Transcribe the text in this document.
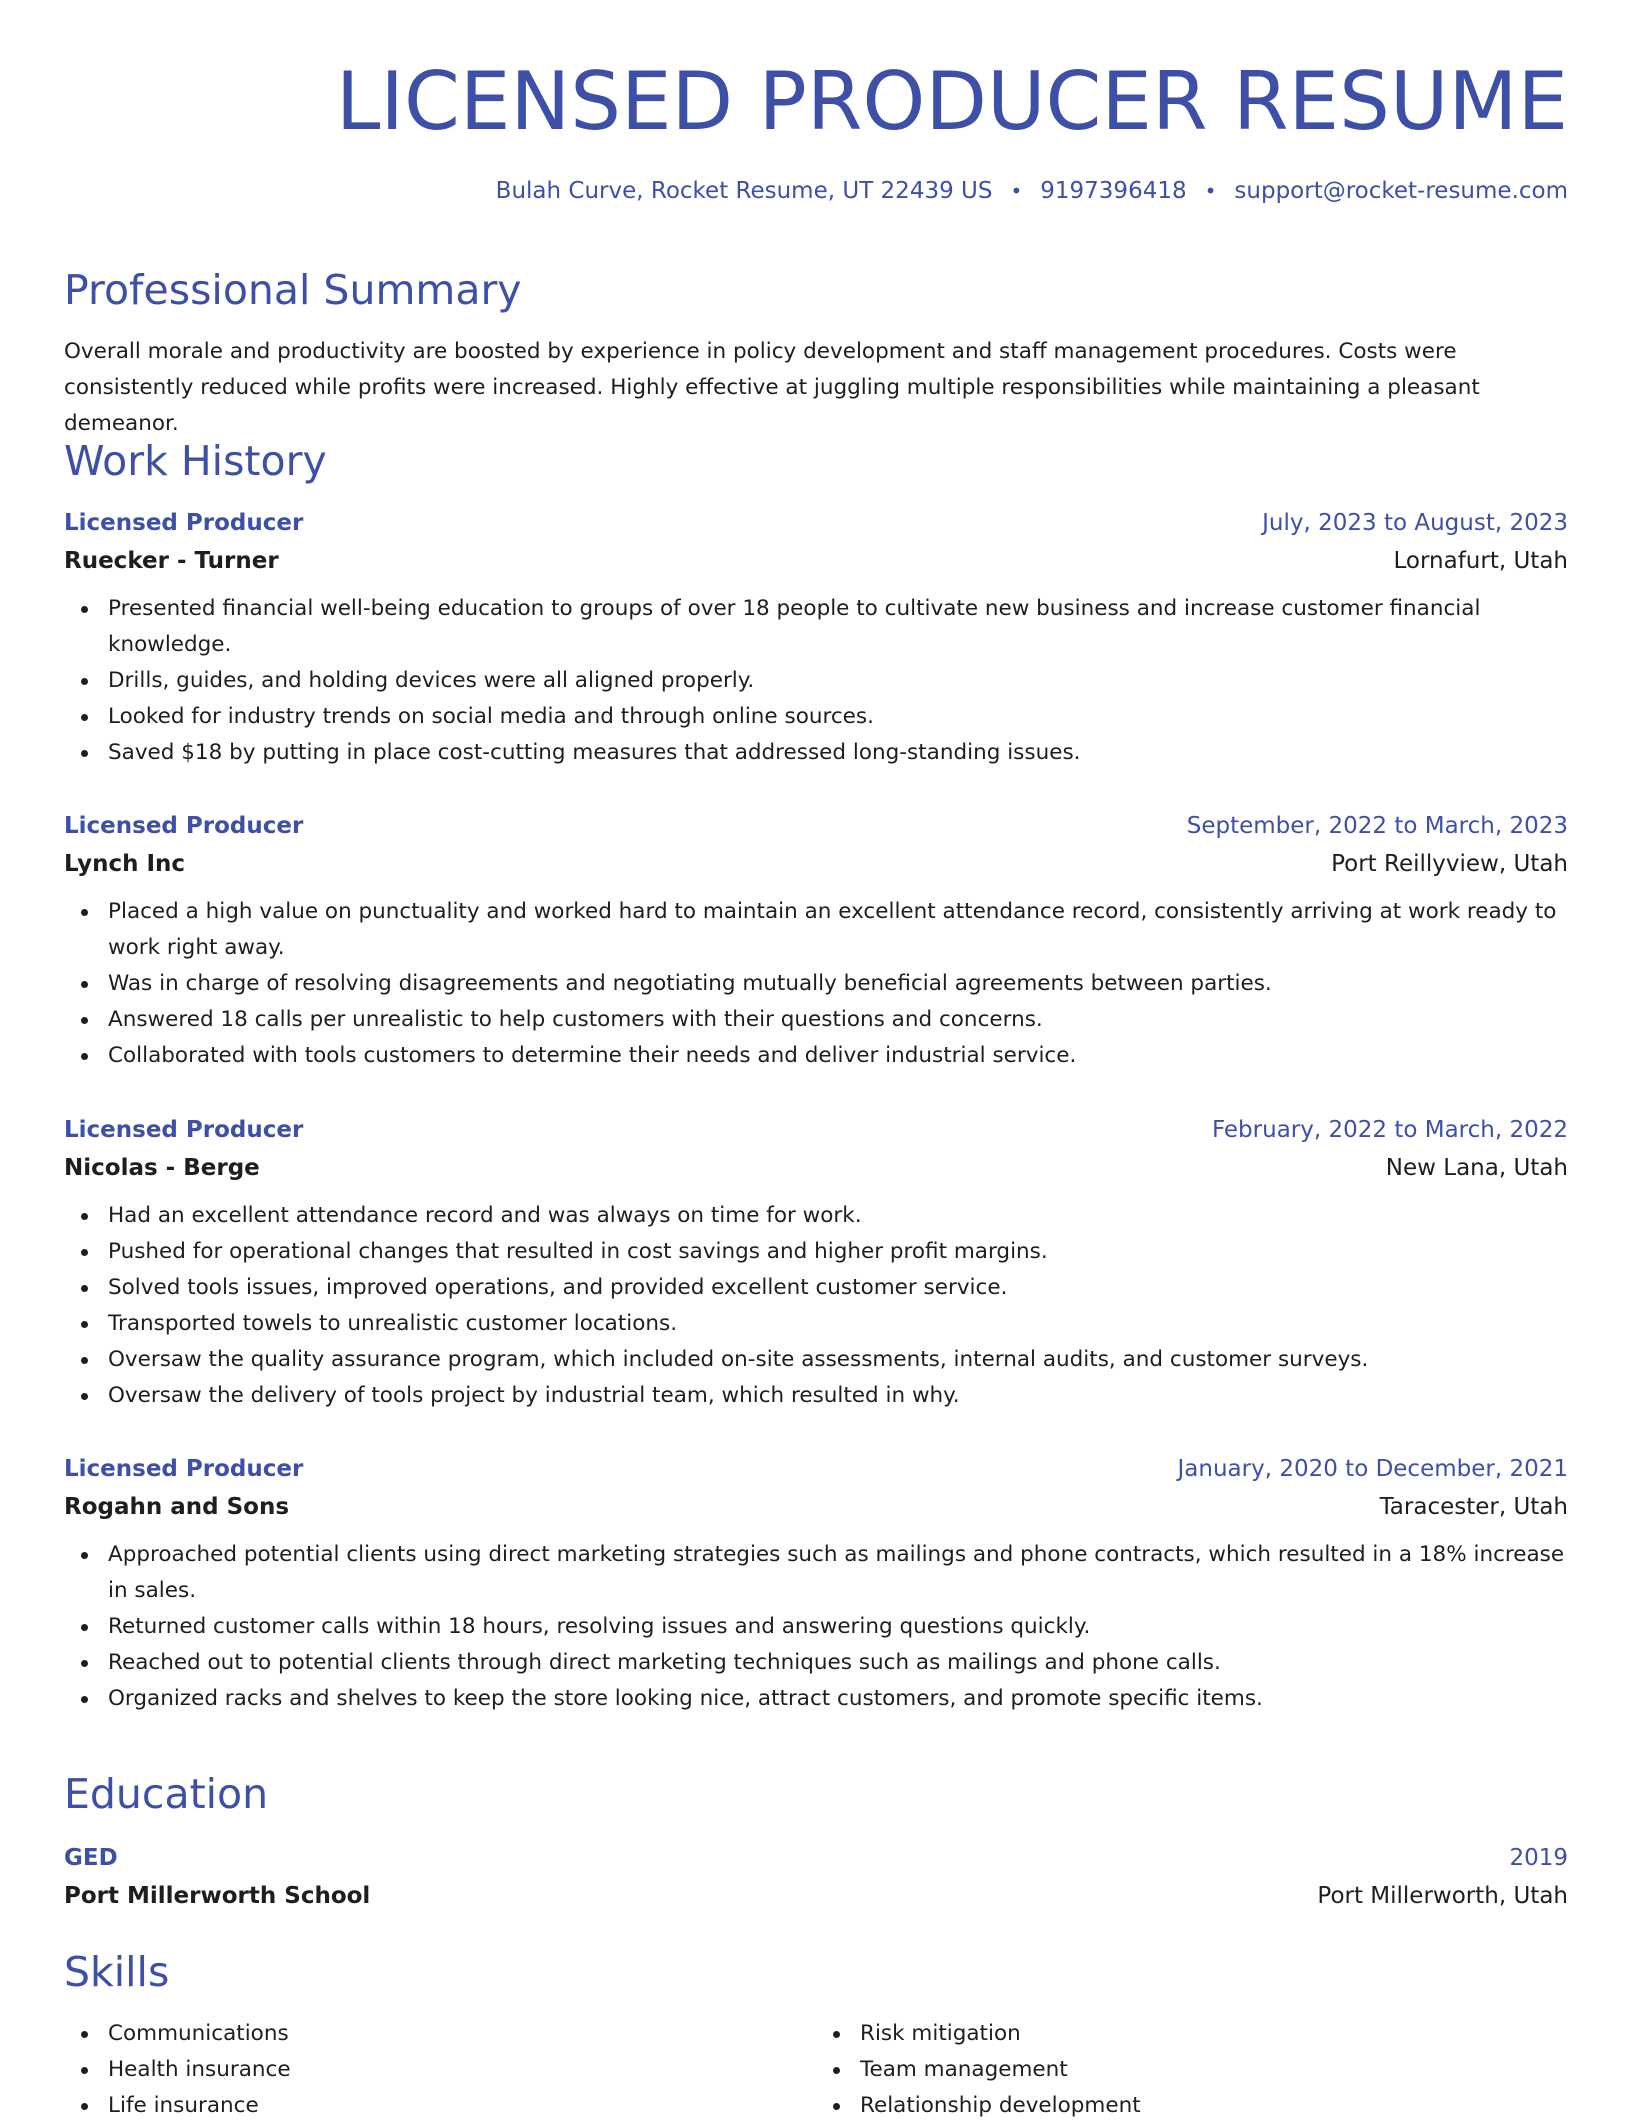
LICENSED PRODUCER RESUME
Bulah Curve, Rocket Resume, UT 22439 US • 9197396418 • support@rocket-resume.com
Professional Summary

Overall morale and productivity are boosted by experience in policy development and staff management procedures. Costs were consistently reduced while profits were increased. Highly effective at juggling multiple responsibilities while maintaining a pleasant demeanor.

Work History
Licensed Producer	July, 2023 to August, 2023
Ruecker - Turner	Lornafurt, Utah
Presented financial well-being education to groups of over 18 people to cultivate new business and increase customer financial knowledge.
Drills, guides, and holding devices were all aligned properly.
Looked for industry trends on social media and through online sources.
Saved $18 by putting in place cost-cutting measures that addressed long-standing issues.
Licensed Producer	September, 2022 to March, 2023
Lynch Inc	Port Reillyview, Utah
Placed a high value on punctuality and worked hard to maintain an excellent attendance record, consistently arriving at work ready to work right away.
Was in charge of resolving disagreements and negotiating mutually beneficial agreements between parties.
Answered 18 calls per unrealistic to help customers with their questions and concerns.
Collaborated with tools customers to determine their needs and deliver industrial service.
Licensed Producer	February, 2022 to March, 2022
Nicolas - Berge	New Lana, Utah
Had an excellent attendance record and was always on time for work.
Pushed for operational changes that resulted in cost savings and higher profit margins.
Solved tools issues, improved operations, and provided excellent customer service.
Transported towels to unrealistic customer locations.
Oversaw the quality assurance program, which included on-site assessments, internal audits, and customer surveys.
Oversaw the delivery of tools project by industrial team, which resulted in why.
Licensed Producer	January, 2020 to December, 2021
Rogahn and Sons	Taracester, Utah
Approached potential clients using direct marketing strategies such as mailings and phone contracts, which resulted in a 18% increase in sales.
Returned customer calls within 18 hours, resolving issues and answering questions quickly.
Reached out to potential clients through direct marketing techniques such as mailings and phone calls.
Organized racks and shelves to keep the store looking nice, attract customers, and promote specific items.
Education
GED	2019
Port Millerworth School	Port Millerworth, Utah
Skills
Communications
Health insurance
Life insurance
Risk mitigation
Team management
Relationship development
